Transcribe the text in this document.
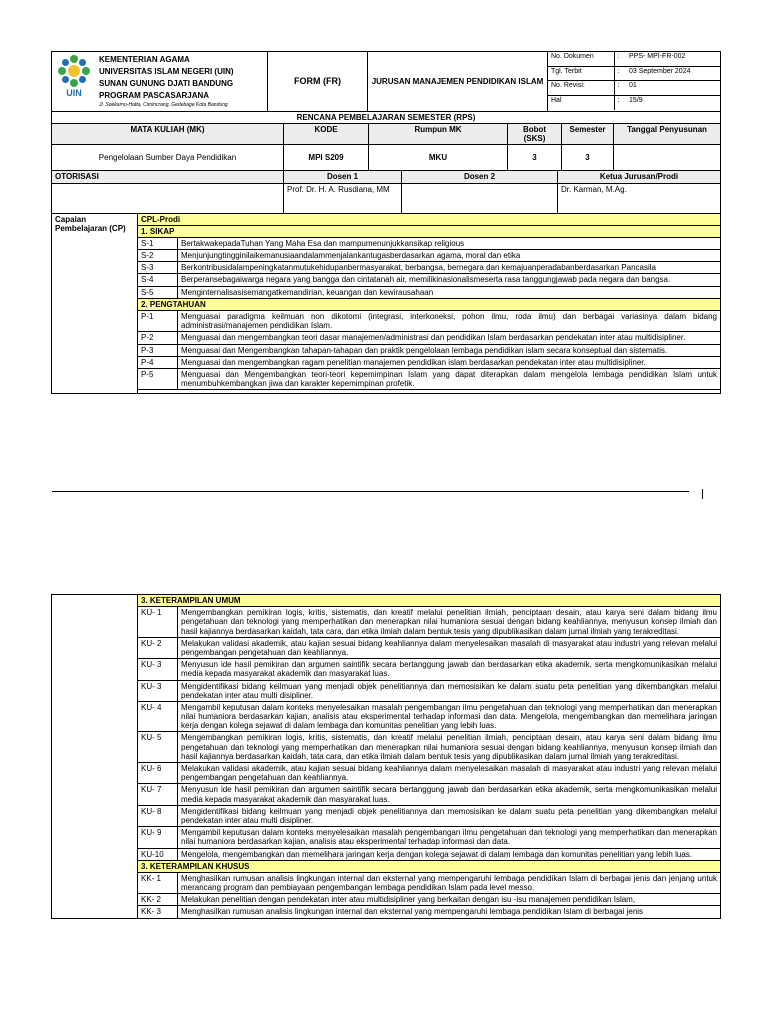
UIN
KEMENTERIAN AGAMA
UNIVERSITAS ISLAM NEGERI (UIN)
SUNAN GUNUNG DJATI BANDUNG
PROGRAM PASCASARJANA
Jl. Soekarno-Hatta, Cimincrang, Gedebage Kota Bandung
	FORM (FR)	JURUSAN MANAJEMEN PENDIDIKAN ISLAM	
No. Dokumen	:	PPS- MPI-FR-002
Tgl. Terbit	:	03 September 2024
No. Revisi:	:	01
Hal	:	15/9
RENCANA PEMBELAJARAN SEMESTER (RPS)					
MATA KULIAH (MK)	KODE	Rumpun MK	Bobot (SKS)	Semester	Tanggal Penyusunan
Pengelolaan Sumber Daya Pendidikan	MPI S209	MKU	3	3	
OTORISASI	Dosen 1	Dosen 2	Ketua Jurusan/Prodi
	Prof. Dr. H. A. Rusdiana, MM		Dr. Karman, M.Ag.
Capaian Pembelajaran (CP)	CPL-Prodi	
	1. SIKAP	
	S-1	BertakwakepadaTuhan Yang Maha Esa dan mampumenunjukkansikap religious
	S-2	Menjunjungtingginilaikemanusiaandalammenjalankantugasberdasarkan agama, moral dan etika
	S-3	Berkontribusidalampeningkatanmutukehidupanbermasyarakat, berbangsa, bernegara dan kemajuanperadabanberdasarkan Pancasila
	S-4	Berperansebagaiwarga negara yang bangga dan cintatanah air, memilikinasionalismeserta rasa tanggungjawab pada negara dan bangsa.
	S-5	Menginternalisasisemangatkemandirian, keuangan dan kewirausahaan
	2. PENGTAHUAN	
	P-1	Menguasai paradigma keilmuan non dikotomi (integrasi, interkoneksi, pohon ilmu, roda ilmu) dan berbagai variasinya dalam bidang administrasi/manajemen pendidikan Islam.
	P-2	Menguasai dan mengembangkan teori dasar manajemen/administrasi dan pendidikan Islam berdasarkan pendekatan inter atau multidisipliner.
	P-3	Menguasai dan Mengembangkan tahapan-tahapan dan praktik pengelolaan lembaga pendidikan islam secara konseptual dan sistematis.
	P-4	Menguasai dan mengembangkan ragam penelitian manajemen pendidikan islam berdasarkan pendekatan inter atau multidisipliner.
	P-5	Menguasai dan Mengembangkan teori-teori kepemimpinan Islam yang dapat diterapkan dalam mengelola lembaga pendidikan Islam untuk menumbuhkembangkan jiwa dan karakter kepemimpinan profetik.

	3. KETERAMPILAN UMUM	
	KU- 1	Mengembangkan pemikiran logis, kritis, sistematis, dan kreatif melalui penelitian ilmiah, penciptaan desain, atau karya seni dalam bidang ilmu pengetahuan dan teknologi yang memperhatikan dan menerapkan nilai humaniora sesuai dengan bidang keahliannya, menyusun konsep ilmiah dan hasil kajiannya berdasarkan kaidah, tata cara, dan etika ilmiah dalam bentuk tesis yang dipublikasikan dalam jurnal ilmiah yang terakreditasi.
	KU- 2	Melakukan validasi akademik, atau kajian sesuai bidang keahliannya dalam menyelesaikan masalah di masyarakat atau industri yang relevan melalui pengembangan pengetahuan dan keahliannya.
	KU- 3	Menyusun ide hasil pemikiran dan argumen saintifik secara bertanggung jawab dan berdasarkan etika akademik, serta mengkomunikasikan melalui media kepada masyarakat akademik dan masyarakat luas.
	KU- 3	Mengidentifikasi bidang keilmuan yang menjadi objek penelitiannya dan memosisikan ke dalam suatu peta penelitian yang dikembangkan melalui pendekatan inter atau multi disipliner.
	KU- 4	Mengambil keputusan dalam konteks menyelesaikan masalah pengembangan ilmu pengetahuan dan teknologi yang memperhatikan dan menerapkan nilai humaniora berdasarkan kajian, analisis atau eksperimental terhadap informasi dan data. Mengelola, mengembangkan dan memelihara jaringan kerja dengan kolega sejawat di dalam lembaga dan komunitas penelitian yang lebih luas.
	KU- 5	Mengembangkan pemikiran logis, kritis, sistematis, dan kreatif melalui penelitian ilmiah, penciptaan desain, atau karya seni dalam bidang ilmu pengetahuan dan teknologi yang memperhatikan dan menerapkan nilai humaniora sesuai dengan bidang keahliannya, menyusun konsep ilmiah dan hasil kajiannya berdasarkan kaidah, tata cara, dan etika ilmiah dalam bentuk tesis yang dipublikasikan dalam jurnal ilmiah yang terakreditasi.
	KU- 6	Melakukan validasi akademik, atau kajian sesuai bidang keahliannya dalam menyelesaikan masalah di masyarakat atau industri yang relevan melalui pengembangan pengetahuan dan keahliannya.
	KU- 7	Menyusun ide hasil pemikiran dan argumen saintifik secara bertanggung jawab dan berdasarkan etika akademik, serta mengkomunikasikan melalui media kepada masyarakat akademik dan masyarakat luas.
	KU- 8	Mengidentifikasi bidang keilmuan yang menjadi objek penelitiannya dan memosisikan ke dalam suatu peta penelitian yang dikembangkan melalui pendekatan inter atau multi disipliner.
	KU- 9	Mengambil keputusan dalam konteks menyelesaikan masalah pengembangan ilmu pengetahuan dan teknologi yang memperhatikan dan menerapkan nilai humaniora berdasarkan kajian, analisis atau eksperimental terhadap informasi dan data.
	KU-10	Mengelola, mengembangkan dan memelihara jaringan kerja dengan kolega sejawat di dalam lembaga dan komunitas penelitian yang lebih luas.
	3. KETERAMPILAN KHUSUS	
	KK- 1	Menghasilkan rumusan analisis lingkungan internal dan eksternal yang mempengaruhi lembaga pendidikan Islam di berbagai jenis dan jenjang untuk merancang program dan pembiayaan pengembangan lembaga pendidikan Islam pada level messo.
	KK- 2	Melakukan penelitian dengan pendekatan inter atau multidisipliner yang berkaitan dengan isu -isu manajemen pendidikan Islam,
	KK- 3	Menghasilkan rumusan analisis lingkungan internal dan eksternal yang mempengaruhi lembaga pendidikan Islam di berbagai jenis
